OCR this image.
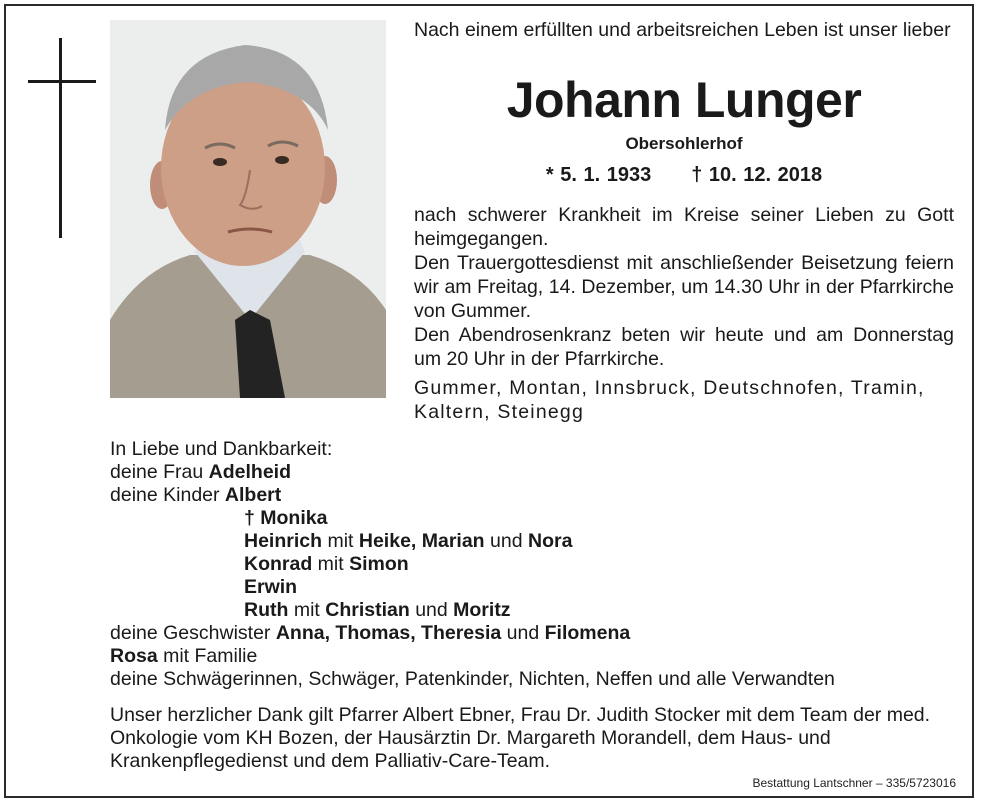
Nach einem erfüllten und arbeitsreichen Leben ist unser lieber
Johann Lunger
Obersohlerhof
* 5. 1. 1933 † 10. 12. 2018

nach schwerer Krankheit im Kreise seiner Lieben zu Gott heimgegangen.

Den Trauergottesdienst mit anschließender Beisetzung feiern wir am Freitag, 14. Dezember, um 14.30 Uhr in der Pfarrkirche von Gummer.

Den Abendrosenkranz beten wir heute und am Donnerstag um 20 Uhr in der Pfarrkirche.

Gummer, Montan, Innsbruck, Deutschnofen, Tramin, Kaltern, Steinegg
In Liebe und Dankbarkeit:
deine Frau Adelheid
deine Kinder Albert
† Monika
Heinrich mit Heike, Marian und Nora
Konrad mit Simon
Erwin
Ruth mit Christian und Moritz
deine Geschwister Anna, Thomas, Theresia und Filomena
Rosa mit Familie
deine Schwägerinnen, Schwäger, Patenkinder, Nichten, Neffen und alle Verwandten
Unser herzlicher Dank gilt Pfarrer Albert Ebner, Frau Dr. Judith Stocker mit dem Team der med. Onkologie vom KH Bozen, der Hausärztin Dr. Margareth Morandell, dem Haus- und Krankenpflegedienst und dem Palliativ-Care-Team.
Bestattung Lantschner – 335/5723016
